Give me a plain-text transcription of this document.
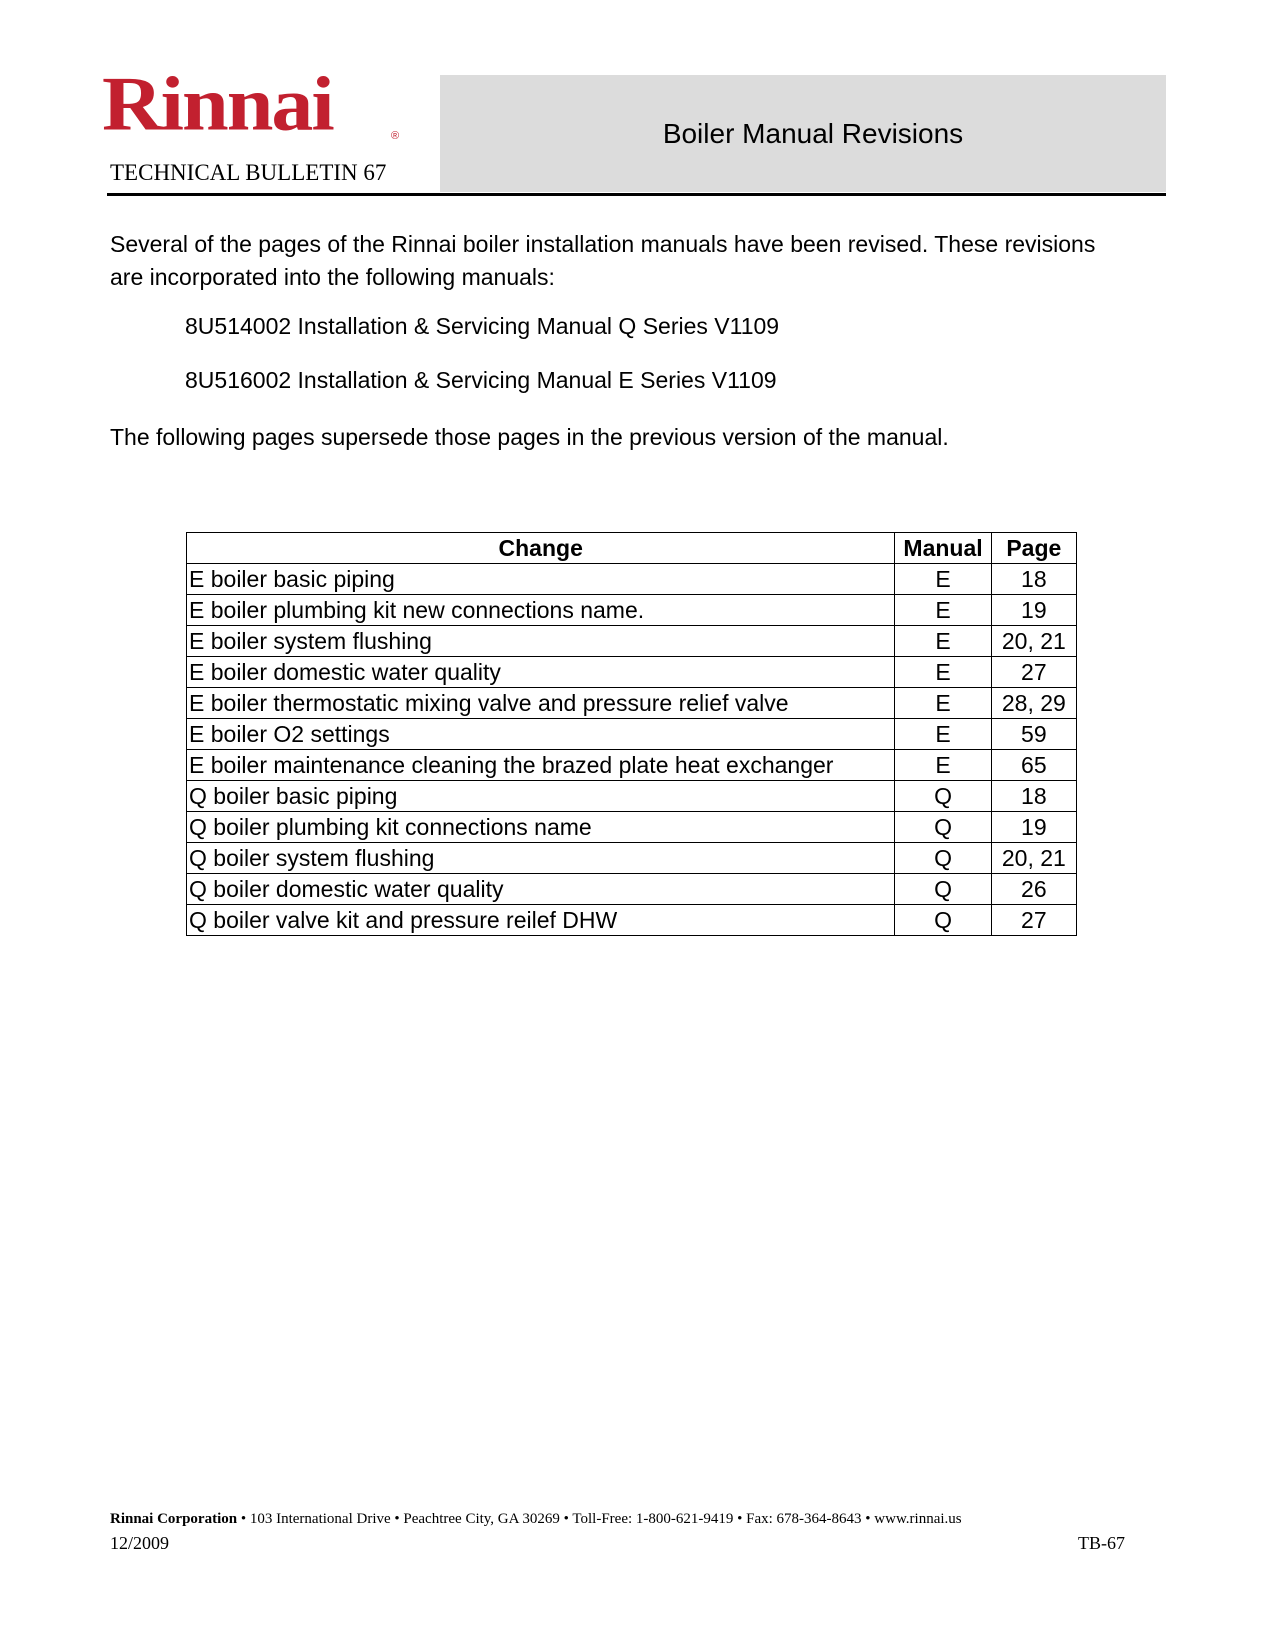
Rinnai	®
TECHNICAL BULLETIN 67
Boiler Manual Revisions
Several of the pages of the Rinnai boiler installation manuals have been revised. These revisions are incorporated into the following manuals:
8U514002 Installation & Servicing Manual Q Series V1109
8U516002 Installation & Servicing Manual E Series V1109
The following pages supersede those pages in the previous version of the manual.
Change	Manual	Page
E boiler basic piping	E	18
E boiler plumbing kit new connections name.	E	19
E boiler system flushing	E	20, 21
E boiler domestic water quality	E	27
E boiler thermostatic mixing valve and pressure relief valve	E	28, 29
E boiler O2 settings	E	59
E boiler maintenance cleaning the brazed plate heat exchanger	E	65
Q boiler basic piping	Q	18
Q boiler plumbing kit connections name	Q	19
Q boiler system flushing	Q	20, 21
Q boiler domestic water quality	Q	26
Q boiler valve kit and pressure reilef DHW	Q	27
Rinnai Corporation • 103 International Drive • Peachtree City, GA 30269 • Toll-Free: 1-800-621-9419 • Fax: 678-364-8643 • www.rinnai.us
12/2009	TB-67
